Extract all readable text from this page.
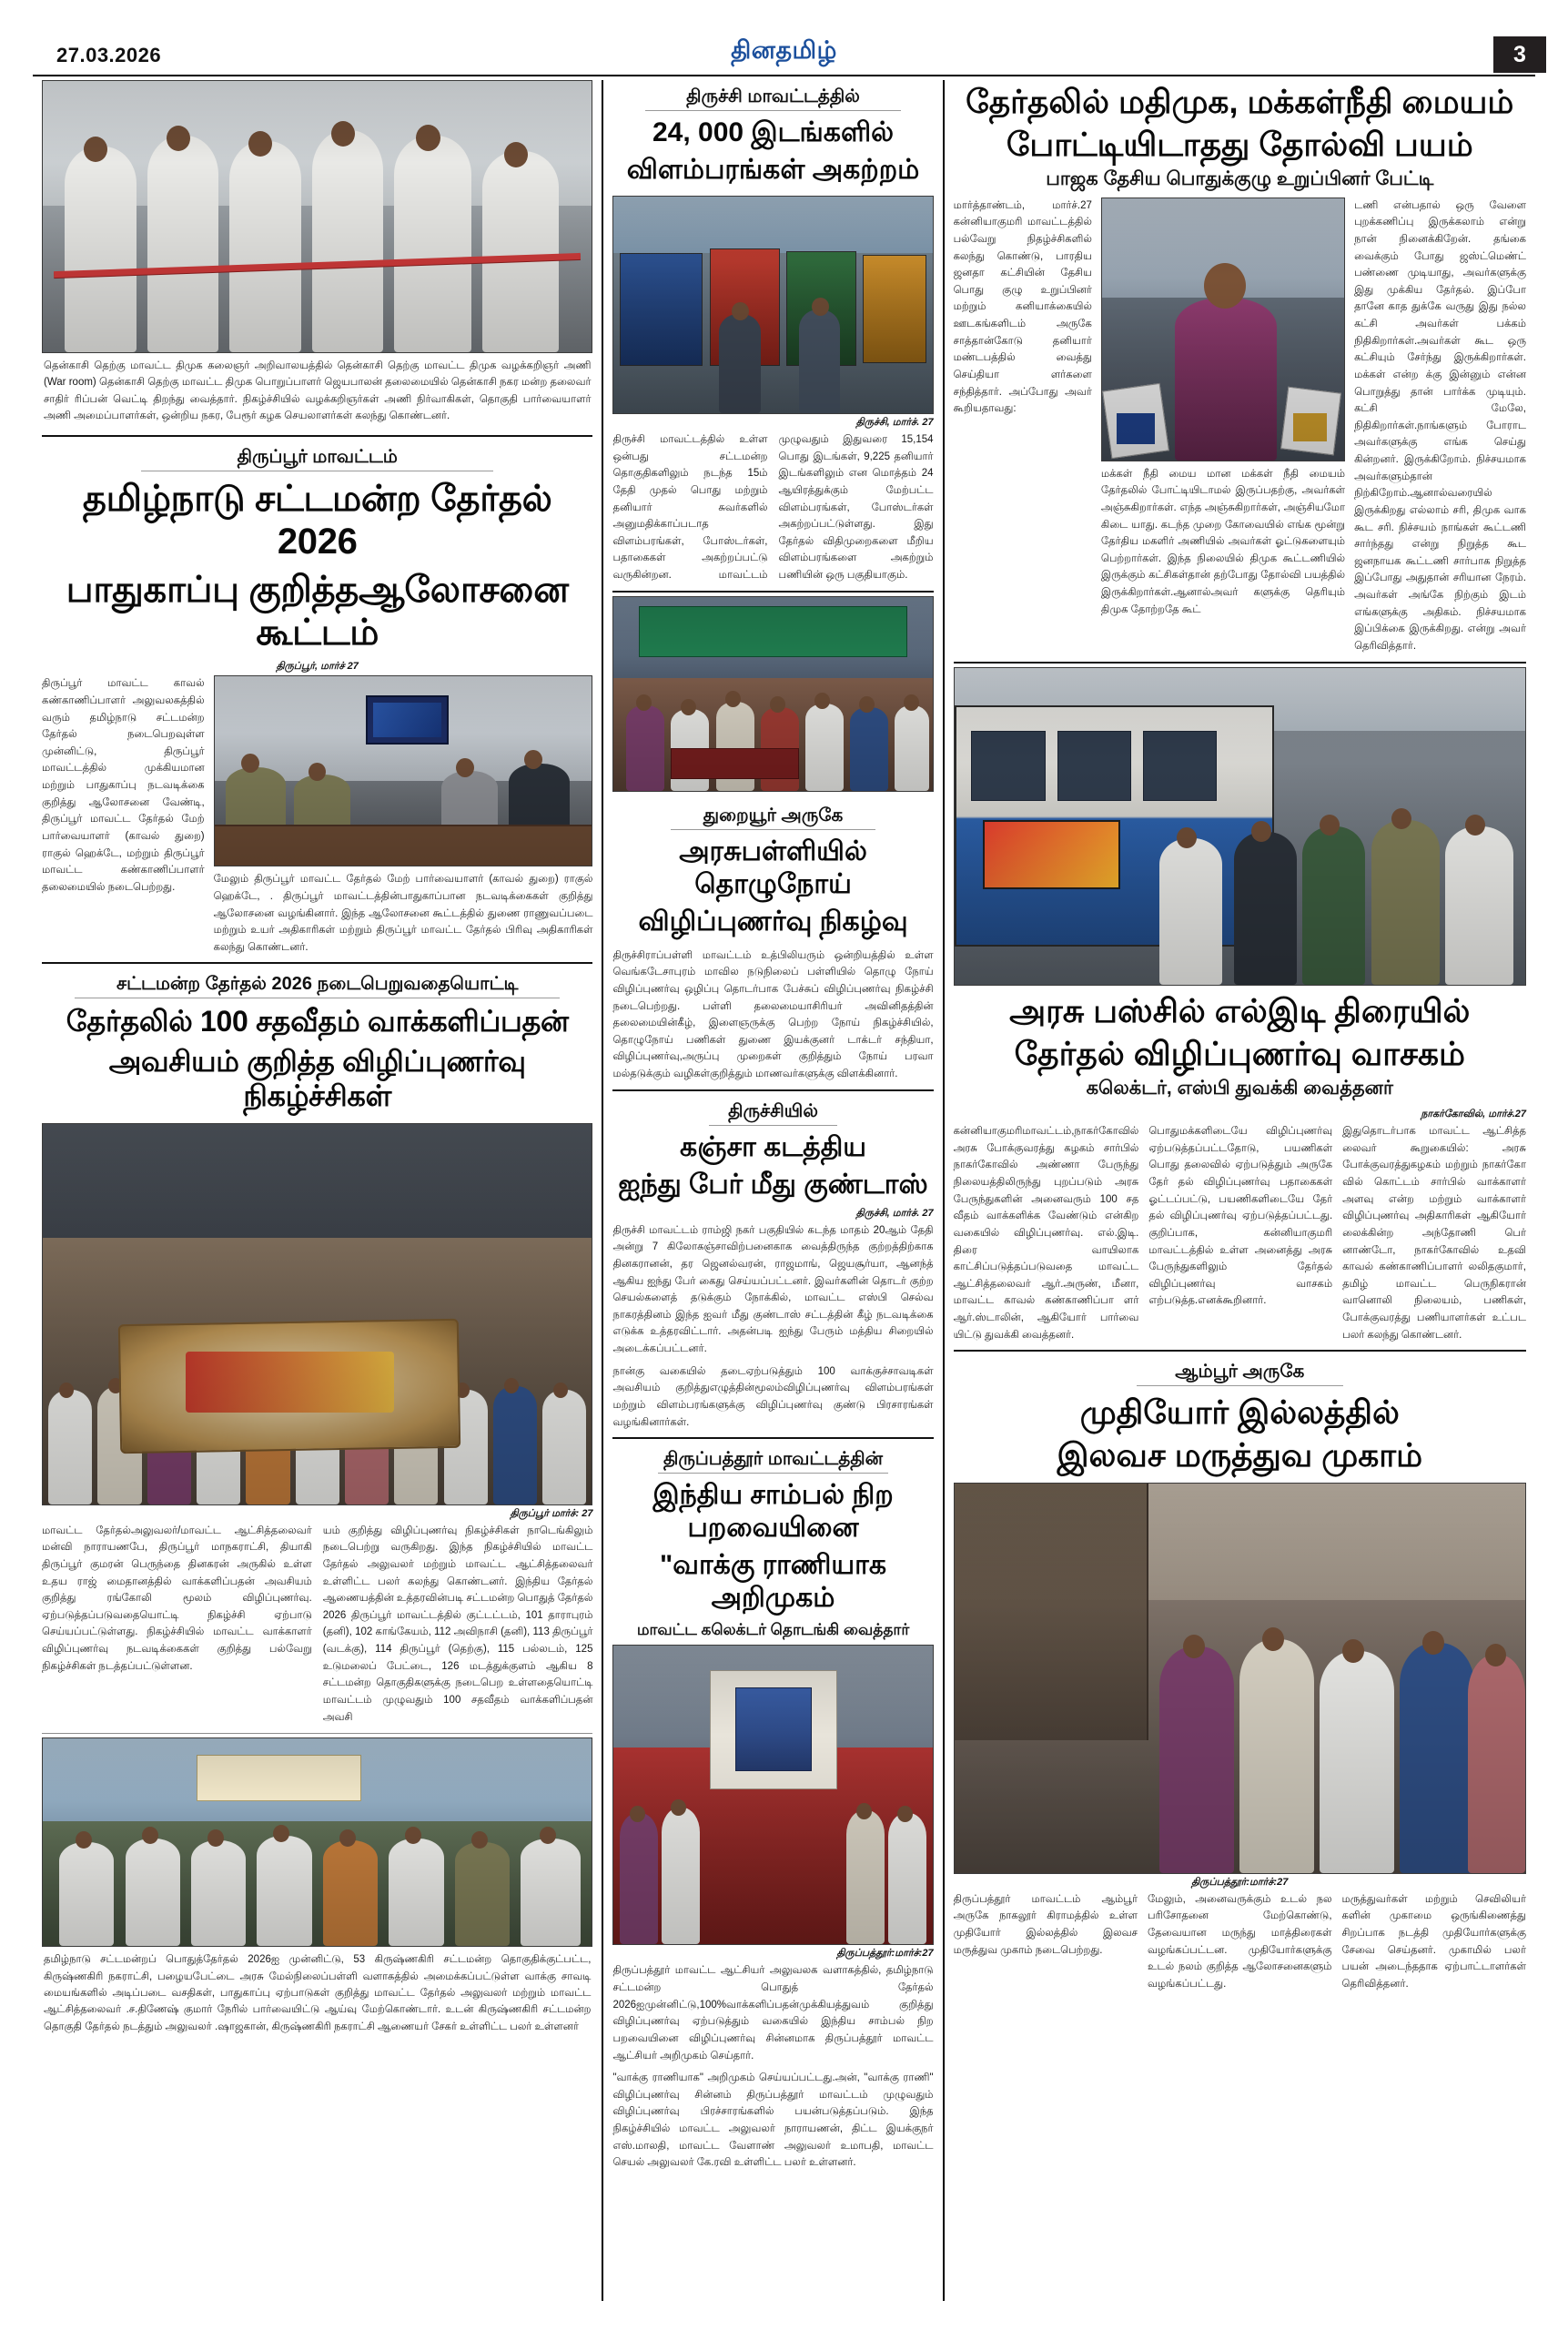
27.03.2026	தினதமிழ்	3
தென்காசி தெற்கு மாவட்ட திமுக கலைஞர் அறிவாலயத்தில் தென்காசி தெற்கு மாவட்ட திமுக வழக்கறிஞர் அணி (War room) தென்காசி தெற்கு மாவட்ட திமுக பொறுப்பாளர் ஜெயபாலன் தலைமையில் தென்காசி நகர மன்ற தலைவர் சாதிர் ரிப்பன் வெட்டி திறந்து வைத்தார். நிகழ்ச்சியில் வழக்கறிஞர்கள் அணி நிர்வாகிகள், தொகுதி பார்வையாளர் அணி அமைப்பாளர்கள், ஒன்றிய நகர, பேரூர் கழக செயலாளர்கள் கலந்து கொண்டனர்.
திருப்பூர் மாவட்டம்
தமிழ்நாடு சட்டமன்ற தேர்தல் 2026
பாதுகாப்பு குறித்தஆலோசனை கூட்டம்
திருப்பூர், மார்ச் 27
திருப்பூர் மாவட்ட காவல் கண்காணிப்பாளர் அலுவலகத்தில் வரும் தமிழ்நாடு சட்டமன்ற தேர்தல் நடைபெறவுள்ள முன்னிட்டு, திருப்பூர் மாவட்டத்தில் முக்கியமான மற்றும் பாதுகாப்பு நடவடிக்கை குறித்து ஆலோசனை வேண்டி, திருப்பூர் மாவட்ட தேர்தல் மேற் பார்வையாளர் (காவல் துறை) ராகுல் ஹெக்டே, மற்றும் திருப்பூர் மாவட்ட கண்காணிப்பாளர் தலைமையில் நடைபெற்றது.
மேலும் திருப்பூர் மாவட்ட தேர்தல் மேற் பார்வையாளர் (காவல் துறை) ராகுல் ஹெக்டே, . திருப்பூர் மாவட்டத்தின்பாதுகாப்பான நடவடிக்கைகள் குறித்து ஆலோசனை வழங்கினார். இந்த ஆலோசனை கூட்டத்தில் துணை ராணுவப்படை மற்றும் உயர் அதிகாரிகள் மற்றும் திருப்பூர் மாவட்ட தேர்தல் பிரிவு அதிகாரிகள் கலந்து கொண்டனர்.
சட்டமன்ற தேர்தல் 2026 நடைபெறுவதையொட்டி
தேர்தலில் 100 சதவீதம் வாக்களிப்பதன்
அவசியம் குறித்த விழிப்புணர்வு நிகழ்ச்சிகள்
திருப்பூர் மார்ச்: 27
மாவட்ட தேர்தல்அலுவலர்/மாவட்ட ஆட்சித்தலைவர் மன்வி நாராயணபே, திருப்பூர் மாநகராட்சி, தியாகி திருப்பூர் குமரன் பெருந்தை தினகரன் அருகில் உள்ள உதய ராஜ் மைதானத்தில் வாக்களிப்பதன் அவசியம் குறித்து ரங்கோலி மூலம் விழிப்புணர்வு. ஏற்படுத்தப்படுவதையொட்டி நிகழ்ச்சி ஏற்பாடு செய்யப்பட்டுள்ளது. நிகழ்ச்சியில் மாவட்ட வாக்காளர் விழிப்புணர்வு நடவடிக்கைகள் குறித்து பல்வேறு நிகழ்ச்சிகள் நடத்தப்பட்டுள்ளன.
யம் குறித்து விழிப்புணர்வு நிகழ்ச்சிகள் நாடெங்கிலும் நடைபெற்று வருகிறது. இந்த நிகழ்ச்சியில் மாவட்ட தேர்தல் அலுவலர் மற்றும் மாவட்ட ஆட்சித்தலைவர் உள்ளிட்ட பலர் கலந்து கொண்டனர். இந்திய தேர்தல் ஆணையத்தின் உத்தரவின்படி சட்டமன்ற பொதுத் தேர்தல் 2026 திருப்பூர் மாவட்டத்தில் குட்டட்டம், 101 தாராபுரம் (தனி), 102 காங்கேயம், 112 அவிநாசி (தனி), 113 திருப்பூர் (வடக்கு), 114 திருப்பூர் (தெற்கு), 115 பல்லடம், 125 உடுமலைப் பேட்டை, 126 மடத்துக்குளம் ஆகிய 8 சட்டமன்ற தொகுதிகளுக்கு நடைபெற உள்ளதையொட்டி மாவட்டம் முழுவதும் 100 சதவீதம் வாக்களிப்பதன் அவசி
தமிழ்நாடு சட்டமன்றப் பொதுத்தேர்தல் 2026ஐ முன்னிட்டு, 53 கிருஷ்ணகிரி சட்டமன்ற தொகுதிக்குட்பட்ட, கிருஷ்ணகிரி நகராட்சி, பழையபேட்டை அரசு மேல்நிலைப்பள்ளி வளாகத்தில் அமைக்கப்பட்டுள்ள வாக்கு சாவடி மையங்களில் அடிப்படை வசதிகள், பாதுகாப்பு ஏற்பாடுகள் குறித்து மாவட்ட தேர்தல் அலுவலர் மற்றும் மாவட்ட ஆட்சித்தலைவர் .ச.திணேஷ் குமார் நேரில் பார்வையிட்டு ஆய்வு மேற்கொண்டார். உடன் கிருஷ்ணகிரி சட்டமன்ற தொகுதி தேர்தல் நடத்தும் அலுவலர் .ஷாஜகான், கிருஷ்ணகிரி நகராட்சி ஆணையர் சேகர் உள்ளிட்ட பலர் உள்ளனர்
திருச்சி மாவட்டத்தில்
24, 000 இடங்களில்
விளம்பரங்கள் அகற்றம்
திருச்சி, மார்ச். 27
திருச்சி மாவட்டத்தில் உள்ள ஒன்பது சட்டமன்ற தொகுதிகளிலும் நடந்த 15ம் தேதி முதல் பொது மற்றும் தனியார் சுவர்களில் அனுமதிக்காப்படாத விளம்பரங்கள், போஸ்டர்கள், பதாகைகள் அகற்றப்பட்டு வருகின்றன. மாவட்டம் முழுவதும் இதுவரை 15,154 பொது இடங்கள், 9,225 தனியார் இடங்களிலும் என மொத்தம் 24 ஆயிரத்துக்கும் மேற்பட்ட விளம்பரங்கள், போஸ்டர்கள் அகற்றப்பட்டுள்ளது. இது தேர்தல் விதிமுறைகளை மீறிய விளம்பரங்களை அகற்றும் பணியின் ஒரு பகுதியாகும்.
துறையூர் அருகே
அரசுபள்ளியில் தொழுநோய்
விழிப்புணர்வு நிகழ்வு
திருச்சிராப்பள்ளி மாவட்டம் உத்பிலியரும் ஒன்றியத்தில் உள்ள வெங்கடேசாபுரம் மாவில நடுநிலைப் பள்ளியில் தொழு நோய் விழிப்புணர்வு ஒழிப்பு தொடர்பாக பேச்சுப் விழிப்புணர்வு நிகழ்ச்சி நடைபெற்றது. பள்ளி தலைமையாசிரியர் அவினிதத்தின் தலைமையின்கீழ், இளைஞருக்கு பெற்ற நோய் நிகழ்ச்சியில், தொழுநோய் பணிகள் துணை இயக்குனர் டாக்டர் சந்தியா, விழிப்புணர்வு,அருப்பு முறைகள் குறித்தும் நோய் பரவா மல்தடுக்கும் வழிகள்குறித்தும் மாணவர்களுக்கு விளக்கினார்.
திருச்சியில்
கஞ்சா கடத்திய
ஐந்து பேர் மீது குண்டாஸ்
திருச்சி, மார்ச். 27
திருச்சி மாவட்டம் ராம்ஜி நகர் பகுதியில் கடந்த மாதம் 20ஆம் தேதி அன்று 7 கிலோகஞ்சாவிற்பனைகாக வைத்திருந்த குற்றத்திற்காக தினகரானன், தர ஜெனல்வரன், ராஜமாங், ஜெயசூர்யா, ஆனந்த் ஆகிய ஐந்து பேர் கைது செய்யப்பட்டனர். இவர்களின் தொடர் குற்ற செயல்களைத் தடுக்கும் நோக்கில், மாவட்ட எஸ்பி செல்வ நாகரத்தினம் இந்த ஐவர் மீது குண்டாஸ் சட்டத்தின் கீழ் நடவடிக்கை எடுக்க உத்தரவிட்டார். அதன்படி ஐந்து பேரும் மத்திய சிறையில் அடைக்கப்பட்டனர்.
நான்கு வகையில் தடைஏற்படுத்தும் 100 வாக்குச்சாவடிகள் அவசியம் குறித்துஎழுத்தின்மூலம்விழிப்புணர்வு விளம்பரங்கள் மற்றும் விளம்பரங்களுக்கு விழிப்புணர்வு குண்டு பிரசாரங்கள் வழங்கினார்கள்.
திருப்பத்தூர் மாவட்டத்தின்
இந்திய சாம்பல் நிற பறவையினை
"வாக்கு ராணியாக அறிமுகம்
மாவட்ட கலெக்டர் தொடங்கி வைத்தார்
திருப்பத்தூர்:மார்ச்:27
திருப்பத்தூர் மாவட்ட ஆட்சியர் அலுவலக வளாகத்தில், தமிழ்நாடு சட்டமன்ற பொதுத் தேர்தல் 2026ஐமுன்னிட்டு,100%வாக்களிப்பதன்முக்கியத்துவம் குறித்து விழிப்புணர்வு ஏற்படுத்தும் வகையில் இந்திய சாம்பல் நிற பறவையினை விழிப்புணர்வு சின்னமாக திருப்பத்தூர் மாவட்ட ஆட்சியர் அறிமுகம் செய்தார்.
"வாக்கு ராணியாக" அறிமுகம் செய்யப்பட்டது.அன், "வாக்கு ராணி" விழிப்புணர்வு சின்னம் திருப்பத்தூர் மாவட்டம் முழுவதும் விழிப்புணர்வு பிரச்சாரங்களில் பயன்படுத்தப்படும். இந்த நிகழ்ச்சியில் மாவட்ட அலுவலர் நாராயணன், திட்ட இயக்குநர் எஸ்.மாலதி, மாவட்ட வேளாண் அலுவலர் உமாபதி, மாவட்ட செயல் அலுவலர் கே.ரவி உள்ளிட்ட பலர் உள்ளனர்.
தேர்தலில் மதிமுக, மக்கள்நீதி மையம்
போட்டியிடாதது தோல்வி பயம்
பாஜக தேசிய பொதுக்குழு உறுப்பினர் பேட்டி
மார்த்தாண்டம், மார்ச்.27 கன்னியாகுமரி மாவட்டத்தில் பல்வேறு நிதழ்ச்சிகளில் கலந்து கொண்டு, பாரதிய ஜனதா கட்சியின் தேசிய பொது குழு உறுப்பினர் மற்றும் கனியாக்கையில் ஊடகங்களிடம் அருகே சாத்தான்கோடு தனியார் மண்டபத்தில் வைத்து செய்தியா ளர்களை சந்தித்தார். அப்போது அவர் கூறியதாவது:
மக்கள் நீதி மைய மான மக்கள் நீதி மையம் தேர்தலில் போட்டியிடாமல் இருப்பதற்கு, அவர்கள் அஞ்சுகிறார்கள். எந்த அஞ்சுகிறார்கள், அஞ்சியமோ கிடை யாது. கடந்த முறை கோவையில் எங்க மூன்று தேர்திய மகளிர் அணியில் அவர்கள் ஓட்டுகளையும் பெற்றார்கள். இந்த நிலையில் திமுக கூட்டணியில் இருக்கும் கட்சிகள்தான் தற்போது தோல்வி பயத்தில் இருக்கிறார்கள்.ஆனால்அவர் களுக்கு தெரியும் திமுக தோற்றதே கூட்
டணி என்பதால் ஒரு வேளை புறக்கணிப்பு இருக்கலாம் என்று நான் நினைக்கிறேன். தங்கை வைக்கும் போது ஜஸ்ட்மெண்ட் பண்ணை முடியாது, அவர்களுக்கு இது முக்கிய தேர்தல். இப்போ தானே காத துக்கே வருது இது நல்ல கட்சி அவர்கள் பக்கம் நிதிகிறார்கள்.அவர்கள் கூட ஒரு கட்சியும் சேர்ந்து இருக்கிறார்கள். மக்கள் என்ற க்கு இன்னும் என்ன பொறுத்து தான் பார்க்க முடியும். கட்சி மேலே, நிதிகிறார்கள்.நாங்களும் போராட அவர்களுக்கு எங்க செய்து கின்றனர். இருக்கிறோம். நிச்சயமாக அவர்களும்தான் நிற்கிறோம்.ஆனால்வரையில் இருக்கிறது எல்லாம் சரி, திமுக வாக கூட சரி. நிச்சயம் நாங்கள் கூட்டணி சார்ந்தது என்று நிறுத்த கூட ஜனநாயக கூட்டணி சார்பாக நிறுத்த இப்போது அதுதான் சரியான நேரம். அவர்கள் அங்கே நிற்கும் இடம் எங்களுக்கு அதிகம். நிச்சயமாக இப்பிக்கை இருக்கிறது. என்று அவர் தெரிவித்தார்.
அரசு பஸ்சில் எல்இடி திரையில்
தேர்தல் விழிப்புணர்வு வாசகம்
கலெக்டர், எஸ்பி துவக்கி வைத்தனர்
நாகர்கோவில், மார்ச்.27
கன்னியாகுமரிமாவட்டம்,நாகர்கோவில் அரசு போக்குவரத்து கழகம் சார்பில் நாகர்கோவில் அண்ணா பேருந்து நிலையத்திலிருந்து புறப்படும் அரசு பேருந்துகளின் அனைவரும் 100 சத வீதம் வாக்களிக்க வேண்டும் என்கிற வகையில் விழிப்புணர்வு. எல்.இடி. திரை வாயிலாக காட்சிப்படுத்தப்படுவதை மாவட்ட ஆட்சித்தலைவர் ஆர்.அருண், மீனா, மாவட்ட காவல் கண்காணிப்பா ளர் ஆர்.ஸ்டாலின், ஆகியோர் பார்வை யிட்டு துவக்கி வைத்தனர்.
பொதுமக்களிடையே விழிப்புணர்வு ஏற்படுத்தப்பட்டதோடு, பயணிகள் பொது தலைவில் ஏற்படுத்தும் அருகே தேர் தல் விழிப்புணர்வு பதாகைகள் ஓட்டப்பட்டு, பயணிகளிடையே தேர் தல் விழிப்புணர்வு ஏற்படுத்தப்பட்டது. குறிப்பாக, கன்னியாகுமரி மாவட்டத்தில் உள்ள அனைத்து அரசு பேருந்துகளிலும் தேர்தல் விழிப்புணர்வு வாசகம் எற்படுத்த.எனக்கூறினார்.
இதுதொடர்பாக மாவட்ட ஆட்சித்த லைவர் கூறுகையில்: அரசு போக்குவரத்துகழகம் மற்றும் நாகர்கோ வில் கொட்டம் சார்பில் வாக்காளர் அளவு என்ற மற்றும் வாக்காளர் விழிப்புணர்வு அதிகாரிகள் ஆகியோர் லைக்கின்ற அந்தோணி பெர் னாண்டோ, நாகர்கோவில் உதவி காவல் கண்காணிப்பாளர் லலிதகுமார், தமிழ் மாவட்ட பெருநிகரான் வானொலி நிலையம், பணிகள், போக்குவரத்து பணியாளர்கள் உட்பட பலர் கலந்து கொண்டனர்.
ஆம்பூர் அருகே
முதியோர் இல்லத்தில்
இலவச மருத்துவ முகாம்
திருப்பத்தூர்:மார்ச்:27
திருப்பத்தூர் மாவட்டம் ஆம்பூர் அருகே நாகலூர் கிராமத்தில் உள்ள முதியோர் இல்லத்தில் இலவச மருத்துவ முகாம் நடைபெற்றது.
மேலும், அனைவருக்கும் உடல் நல பரிசோதனை மேற்கொண்டு, தேவையான மருந்து மாத்திரைகள் வழங்கப்பட்டன. முதியோர்களுக்கு உடல் நலம் குறித்த ஆலோசனைகளும் வழங்கப்பட்டது.
மருத்துவர்கள் மற்றும் செவிலியர் களின் முகாமை ஒருங்கிணைத்து சிறப்பாக நடத்தி முதியோர்களுக்கு சேவை செய்தனர். முகாமில் பலர் பயன் அடைந்ததாக ஏற்பாட்டாளர்கள் தெரிவித்தனர்.
